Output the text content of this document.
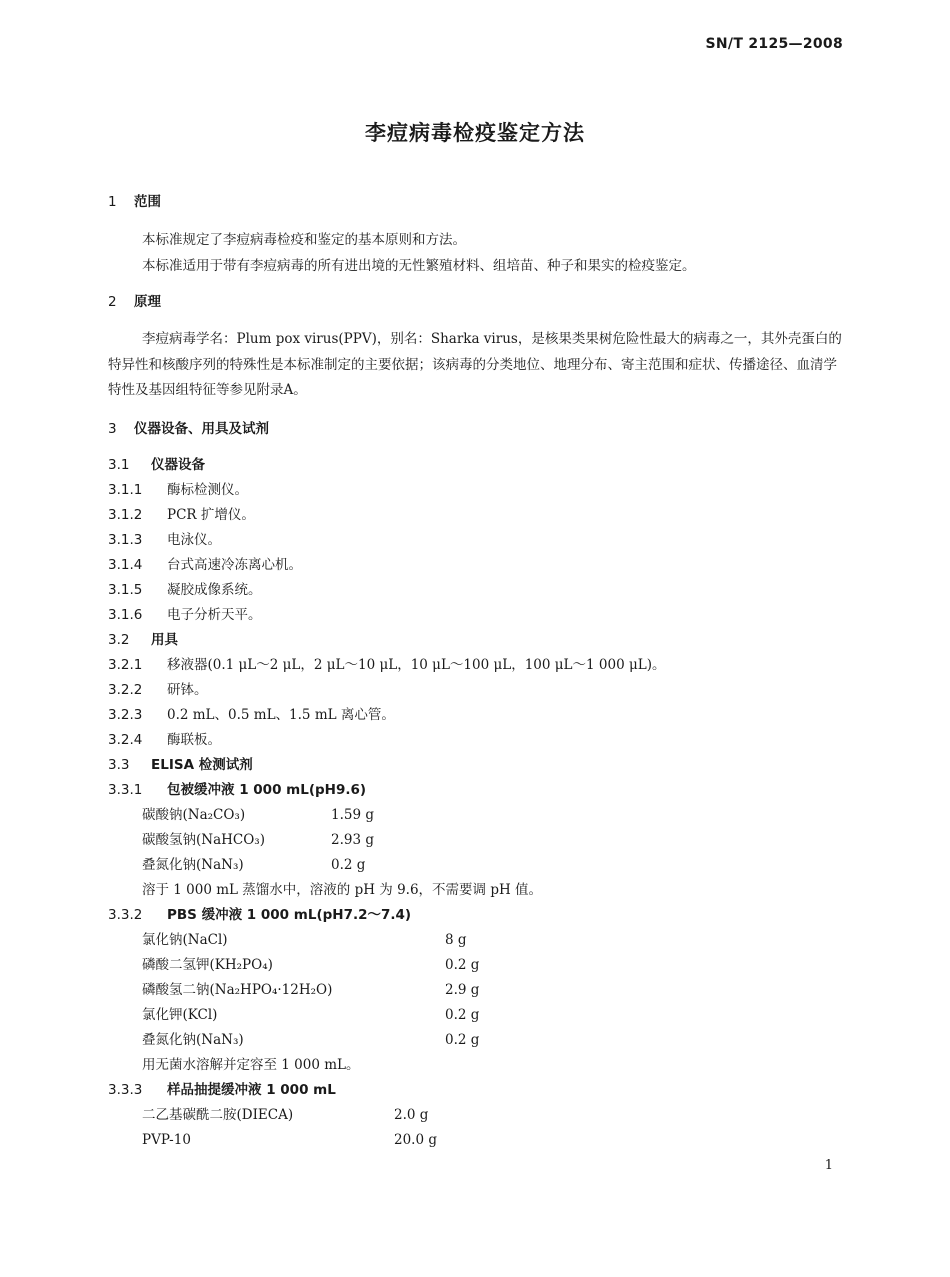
SN/T 2125—2008
李痘病毒检疫鉴定方法
1 范围
本标准规定了李痘病毒检疫和鉴定的基本原则和方法。
本标准适用于带有李痘病毒的所有进出境的无性繁殖材料、组培苗、种子和果实的检疫鉴定。
2 原理
李痘病毒学名：Plum pox virus(PPV)，别名：Sharka virus，是核果类果树危险性最大的病毒之一，其外壳蛋白的特异性和核酸序列的特殊性是本标准制定的主要依据；该病毒的分类地位、地理分布、寄主范围和症状、传播途径、血清学特性及基因组特征等参见附录A。
3 仪器设备、用具及试剂
3.1 仪器设备
3.1.1 酶标检测仪。
3.1.2 PCR 扩增仪。
3.1.3 电泳仪。
3.1.4 台式高速冷冻离心机。
3.1.5 凝胶成像系统。
3.1.6 电子分析天平。
3.2 用具
3.2.1 移液器(0.1 μL～2 μL，2 μL～10 μL，10 μL～100 μL，100 μL～1 000 μL)。
3.2.2 研钵。
3.2.3 0.2 mL、0.5 mL、1.5 mL 离心管。
3.2.4 酶联板。
3.3 ELISA 检测试剂
3.3.1 包被缓冲液 1 000 mL(pH9.6)
碳酸钠(Na₂CO₃)	1.59 g
碳酸氢钠(NaHCO₃)	2.93 g
叠氮化钠(NaN₃)	0.2 g
溶于 1 000 mL 蒸馏水中，溶液的 pH 为 9.6，不需要调 pH 值。
3.3.2 PBS 缓冲液 1 000 mL(pH7.2～7.4)
氯化钠(NaCl)	8 g
磷酸二氢钾(KH₂PO₄)	0.2 g
磷酸氢二钠(Na₂HPO₄·12H₂O)	2.9 g
氯化钾(KCl)	0.2 g
叠氮化钠(NaN₃)	0.2 g
用无菌水溶解并定容至 1 000 mL。
3.3.3 样品抽提缓冲液 1 000 mL
二乙基碳酰二胺(DIECA)	2.0 g
PVP-10	20.0 g
1
